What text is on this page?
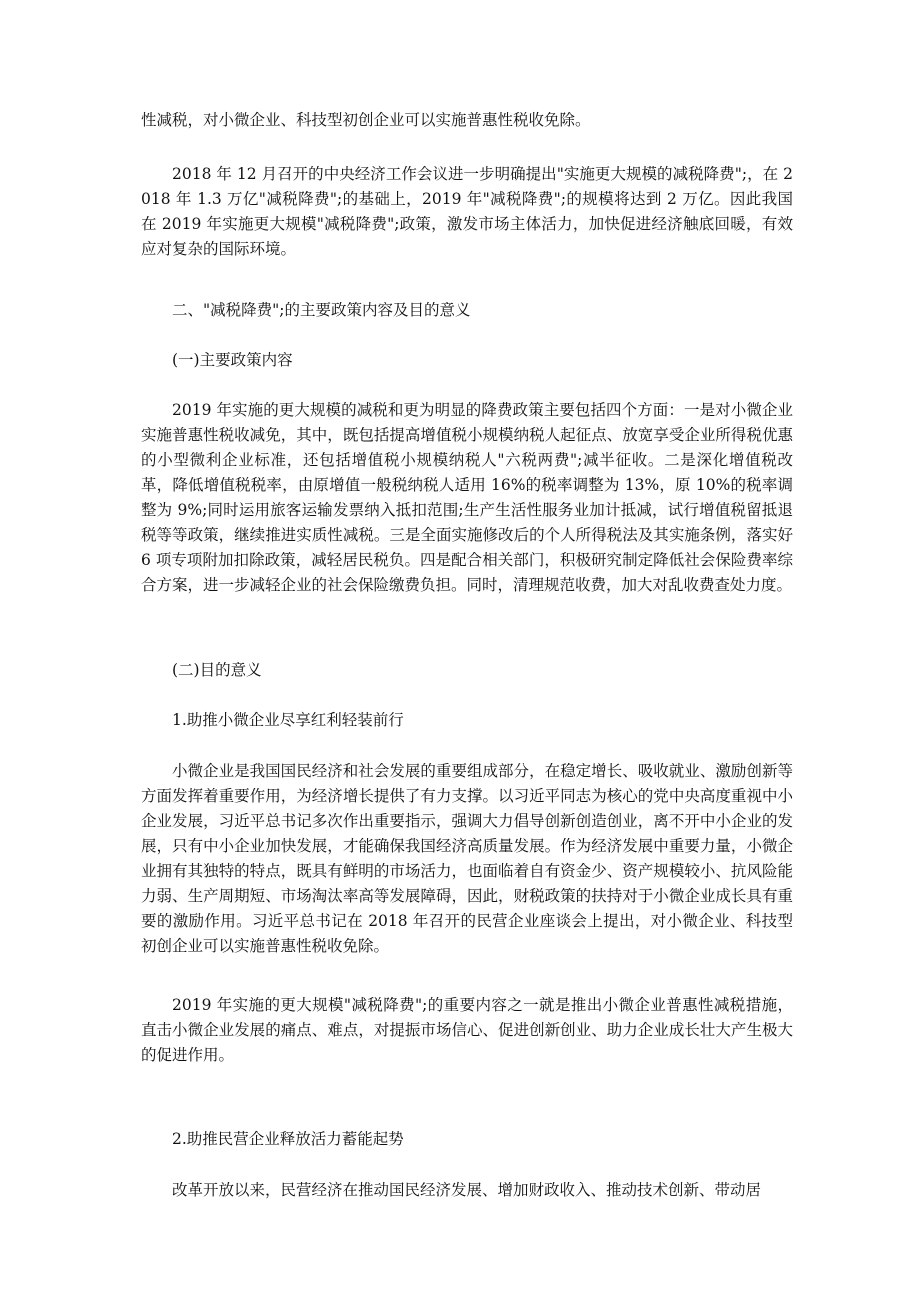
性减税，对小微企业、科技型初创企业可以实施普惠性税收免除。

2018 年 12 月召开的中央经济工作会议进一步明确提出"实施更大规模的减税降费";，在 2018 年 1.3 万亿"减税降费";的基础上，2019 年"减税降费";的规模将达到 2 万亿。因此我国在 2019 年实施更大规模"减税降费";政策，激发市场主体活力，加快促进经济触底回暖，有效应对复杂的国际环境。

二、"减税降费";的主要政策内容及目的意义

(一)主要政策内容

2019 年实施的更大规模的减税和更为明显的降费政策主要包括四个方面：一是对小微企业实施普惠性税收减免，其中，既包括提高增值税小规模纳税人起征点、放宽享受企业所得税优惠的小型微利企业标准，还包括增值税小规模纳税人"六税两费";减半征收。二是深化增值税改革，降低增值税税率，由原增值一般税纳税人适用 16%的税率调整为 13%，原 10%的税率调整为 9%;同时运用旅客运输发票纳入抵扣范围;生产生活性服务业加计抵减，试行增值税留抵退税等等政策，继续推进实质性减税。三是全面实施修改后的个人所得税法及其实施条例，落实好 6 项专项附加扣除政策，减轻居民税负。四是配合相关部门，积极研究制定降低社会保险费率综合方案，进一步减轻企业的社会保险缴费负担。同时，清理规范收费，加大对乱收费查处力度。

(二)目的意义

1.助推小微企业尽享红利轻装前行

小微企业是我国国民经济和社会发展的重要组成部分，在稳定增长、吸收就业、激励创新等方面发挥着重要作用，为经济增长提供了有力支撑。以习近平同志为核心的党中央高度重视中小企业发展，习近平总书记多次作出重要指示，强调大力倡导创新创造创业，离不开中小企业的发展，只有中小企业加快发展，才能确保我国经济高质量发展。作为经济发展中重要力量，小微企业拥有其独特的特点，既具有鲜明的市场活力，也面临着自有资金少、资产规模较小、抗风险能力弱、生产周期短、市场淘汰率高等发展障碍，因此，财税政策的扶持对于小微企业成长具有重要的激励作用。习近平总书记在 2018 年召开的民营企业座谈会上提出，对小微企业、科技型初创企业可以实施普惠性税收免除。

2019 年实施的更大规模"减税降费";的重要内容之一就是推出小微企业普惠性减税措施，直击小微企业发展的痛点、难点，对提振市场信心、促进创新创业、助力企业成长壮大产生极大的促进作用。

2.助推民营企业释放活力蓄能起势

改革开放以来，民营经济在推动国民经济发展、增加财政收入、推动技术创新、带动居
